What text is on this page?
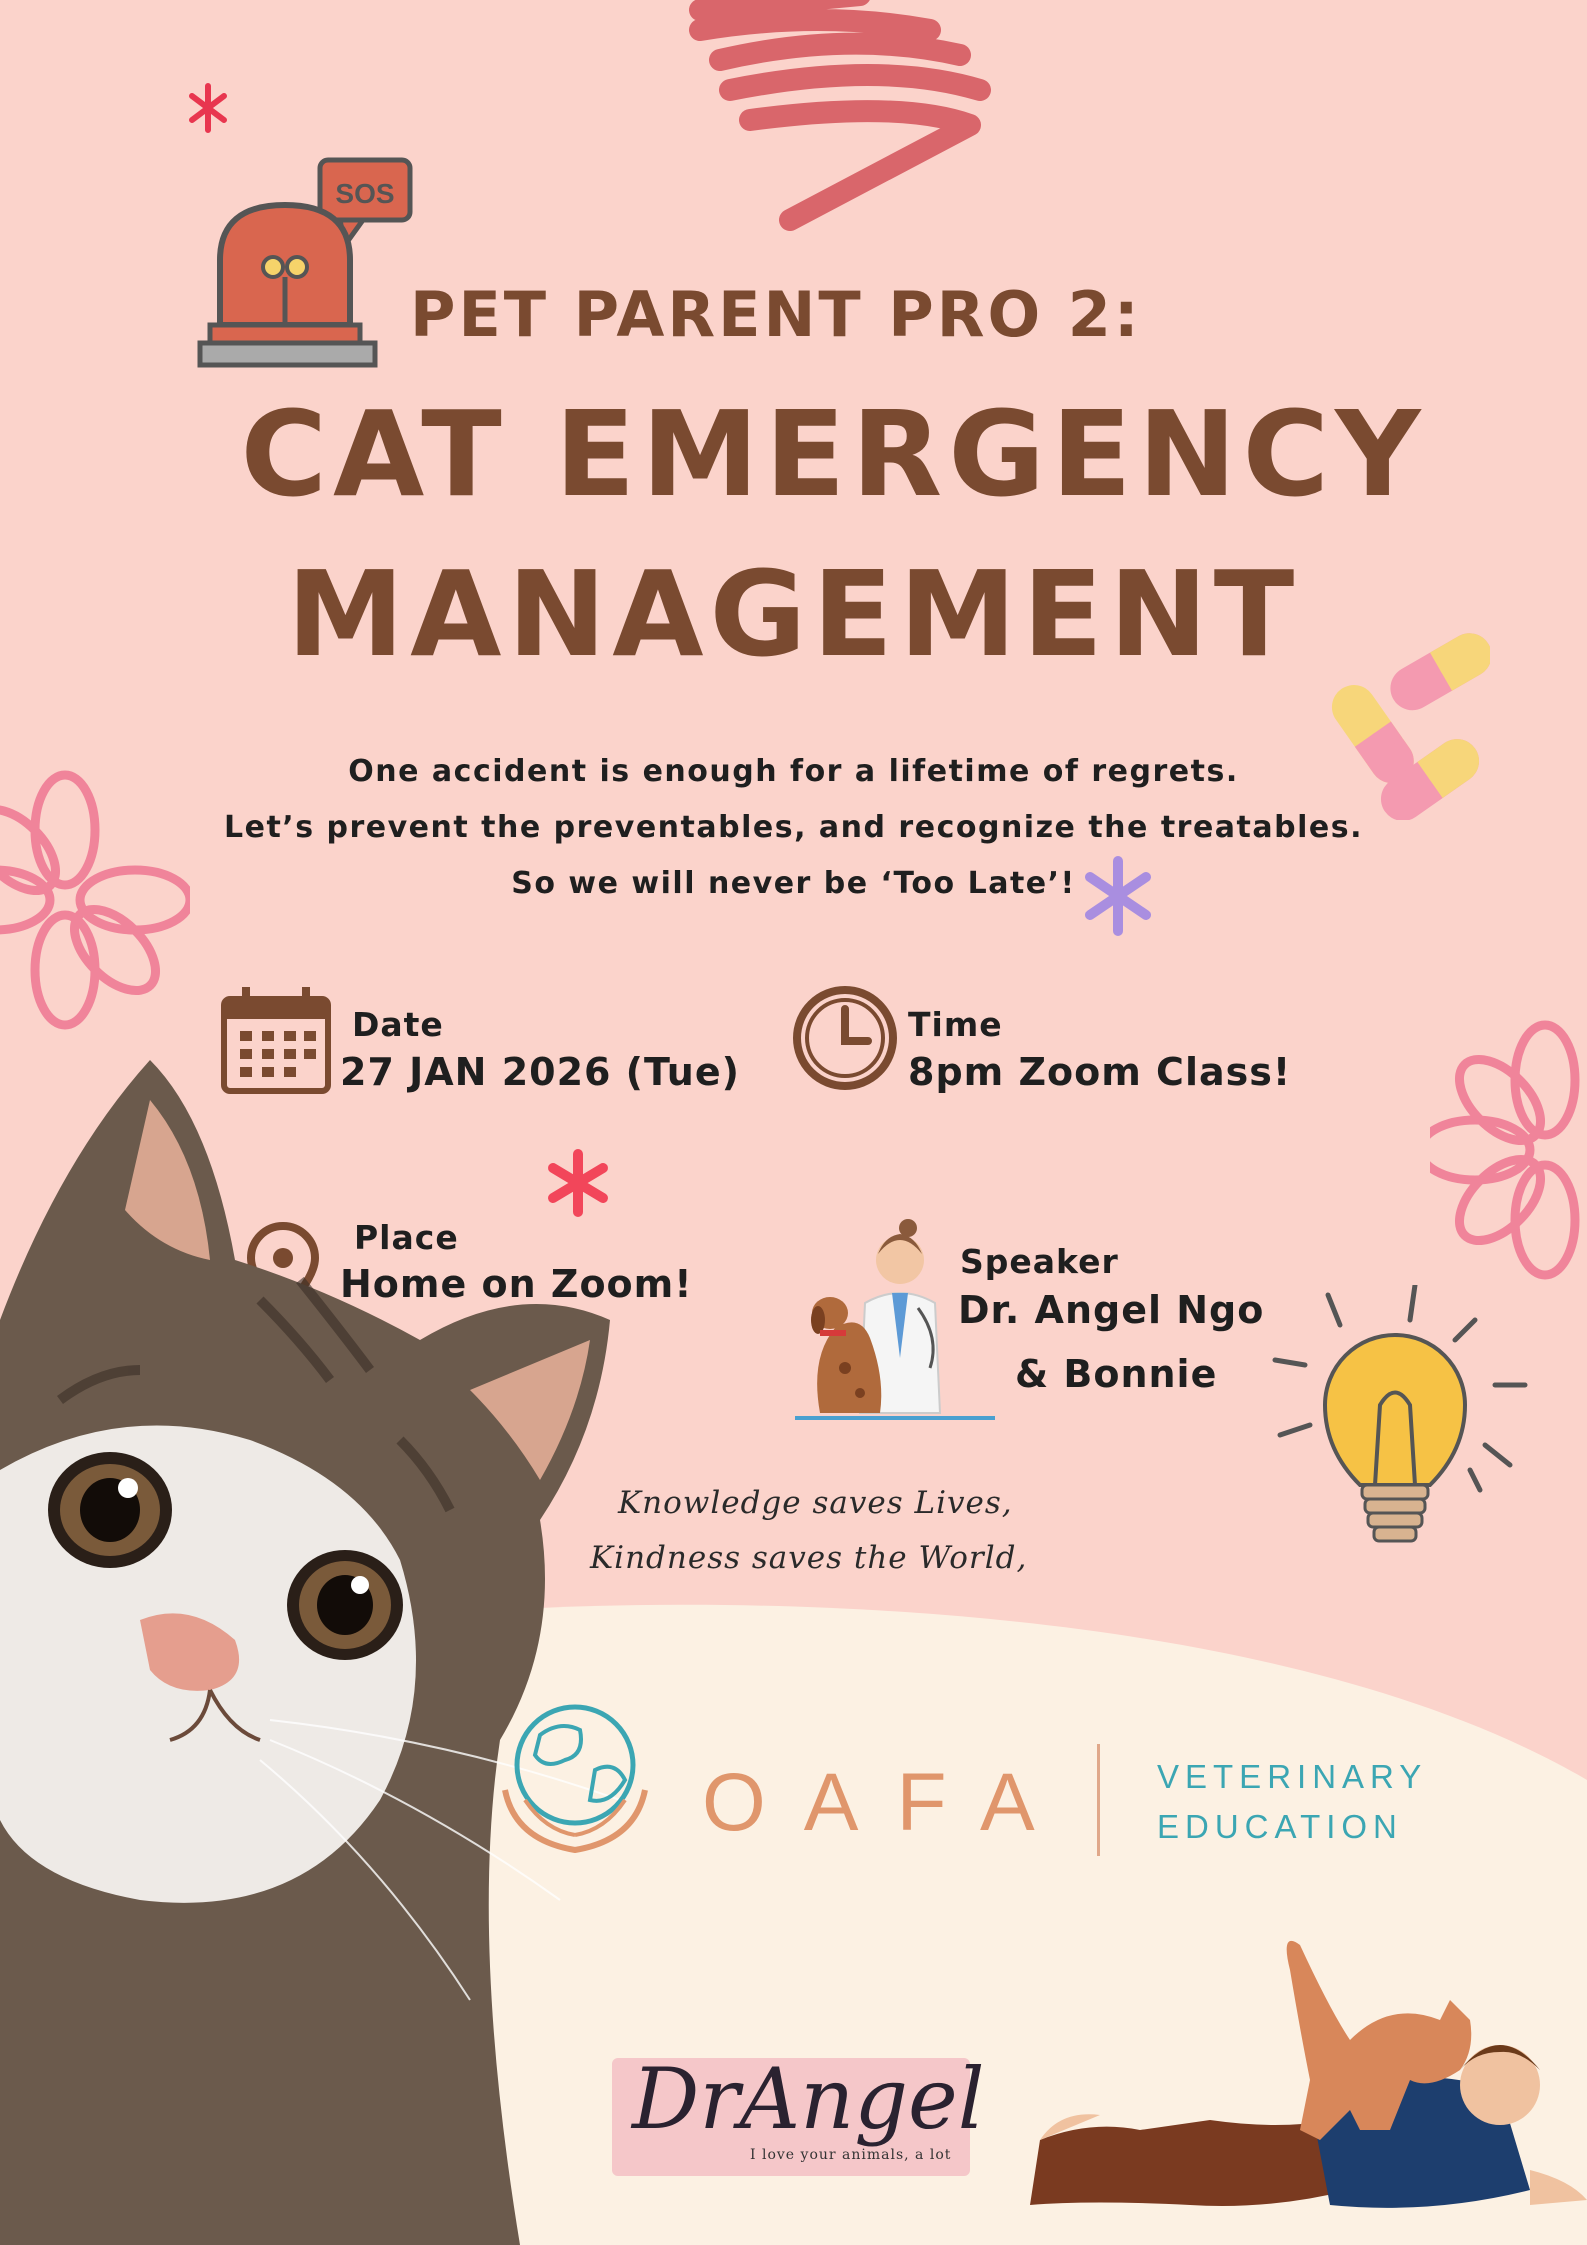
SOS
PET PARENT PRO 2:
CAT EMERGENCY
MANAGEMENT
One accident is enough for a lifetime of regrets.
Let’s prevent the preventables, and recognize the treatables.
So we will never be ‘Too Late’!
Date
27 JAN 2026 (Tue)
Time
8pm Zoom Class!
Place
Home on Zoom!
Speaker
Dr. Angel Ngo
& Bonnie
Knowledge saves Lives,
Kindness saves the World,
OAFA	VETERINARY
EDUCATION
DrAngel
I love your animals, a lot
